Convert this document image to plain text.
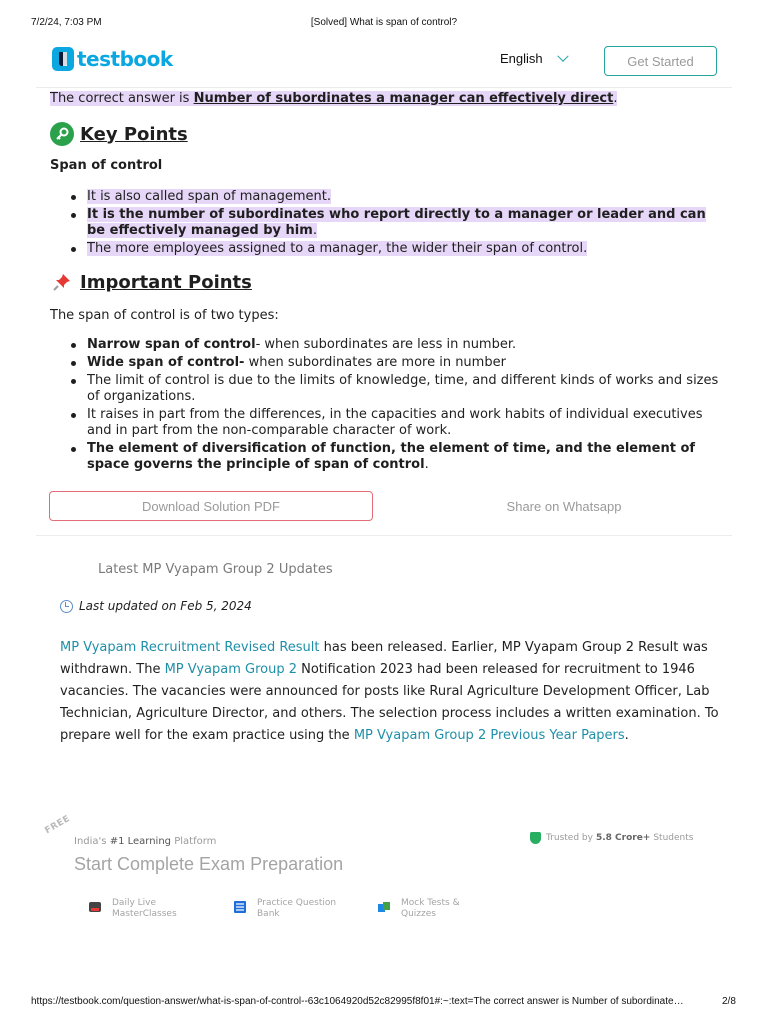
7/2/24, 7:03 PM	[Solved] What is span of control?
testbook	English	Get Started

The correct answer is Number of subordinates a manager can effectively direct.

Key Points

Span of control

It is also called span of management.
It is the number of subordinates who report directly to a manager or leader and can be effectively managed by him.
The more employees assigned to a manager, the wider their span of control.
Important Points

The span of control is of two types:

Narrow span of control- when subordinates are less in number.
Wide span of control- when subordinates are more in number
The limit of control is due to the limits of knowledge, time, and different kinds of works and sizes of organizations.
It raises in part from the differences, in the capacities and work habits of individual executives and in part from the non-comparable character of work.
The element of diversification of function, the element of time, and the element of space governs the principle of span of control.
Download Solution PDF	Share on Whatsapp

Latest MP Vyapam Group 2 Updates

Last updated on Feb 5, 2024

MP Vyapam Recruitment Revised Result has been released. Earlier, MP Vyapam Group 2 Result was withdrawn. The MP Vyapam Group 2 Notification 2023 had been released for recruitment to 1946 vacancies. The vacancies were announced for posts like Rural Agriculture Development Officer, Lab Technician, Agriculture Director, and others. The selection process includes a written examination. To prepare well for the exam practice using the MP Vyapam Group 2 Previous Year Papers.

FREE

India's #1 Learning Platform

Start Complete Exam Preparation

Trusted by 5.8 Crore+ Students
Daily Live
MasterClasses
Practice Question
Bank
Mock Tests &
Quizzes
https://testbook.com/question-answer/what-is-span-of-control--63c1064920d52c82995f8f01#:~:text=The correct answer is Number of subordinate…	2/8
